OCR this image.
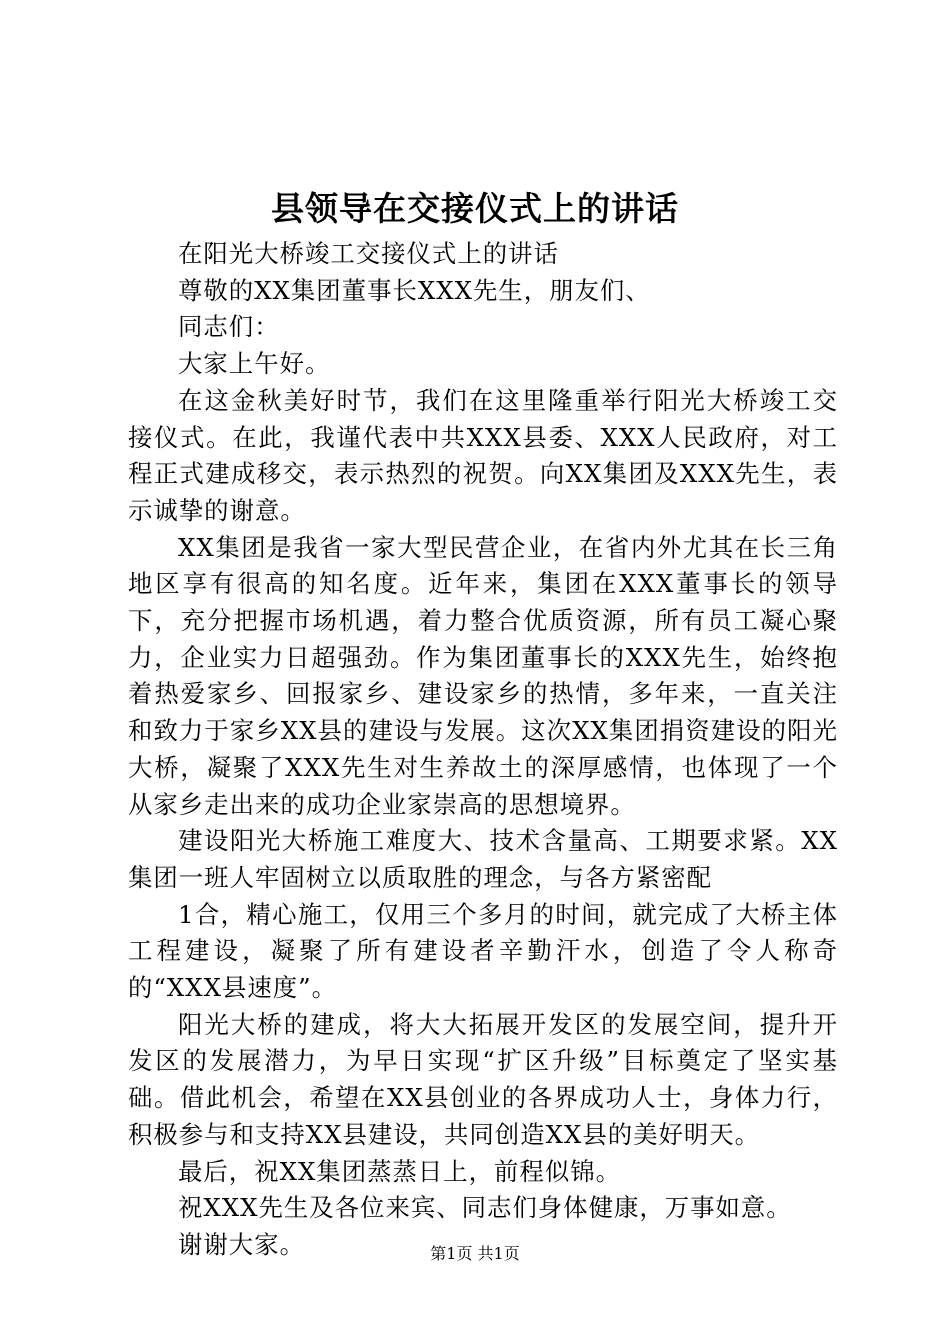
县领导在交接仪式上的讲话

在阳光大桥竣工交接仪式上的讲话

尊敬的XX集团董事长XXX先生，朋友们、

同志们：

大家上午好。

在这金秋美好时节，我们在这里隆重举行阳光大桥竣工交接仪式。在此，我谨代表中共XXX县委、XXX人民政府，对工程正式建成移交，表示热烈的祝贺。向XX集团及XXX先生，表示诚挚的谢意。

XX集团是我省一家大型民营企业，在省内外尤其在长三角地区享有很高的知名度。近年来，集团在XXX董事长的领导下，充分把握市场机遇，着力整合优质资源，所有员工凝心聚力，企业实力日超强劲。作为集团董事长的XXX先生，始终抱着热爱家乡、回报家乡、建设家乡的热情，多年来，一直关注和致力于家乡XX县的建设与发展。这次XX集团捐资建设的阳光大桥，凝聚了XXX先生对生养故土的深厚感情，也体现了一个从家乡走出来的成功企业家崇高的思想境界。

建设阳光大桥施工难度大、技术含量高、工期要求紧。XX集团一班人牢固树立以质取胜的理念，与各方紧密配

1合，精心施工，仅用三个多月的时间，就完成了大桥主体工程建设，凝聚了所有建设者辛勤汗水，创造了令人称奇的“XXX县速度”。

阳光大桥的建成，将大大拓展开发区的发展空间，提升开发区的发展潜力，为早日实现“扩区升级”目标奠定了坚实基础。借此机会，希望在XX县创业的各界成功人士，身体力行，积极参与和支持XX县建设，共同创造XX县的美好明天。

最后，祝XX集团蒸蒸日上，前程似锦。

祝XXX先生及各位来宾、同志们身体健康，万事如意。

谢谢大家。	第1页 共1页
